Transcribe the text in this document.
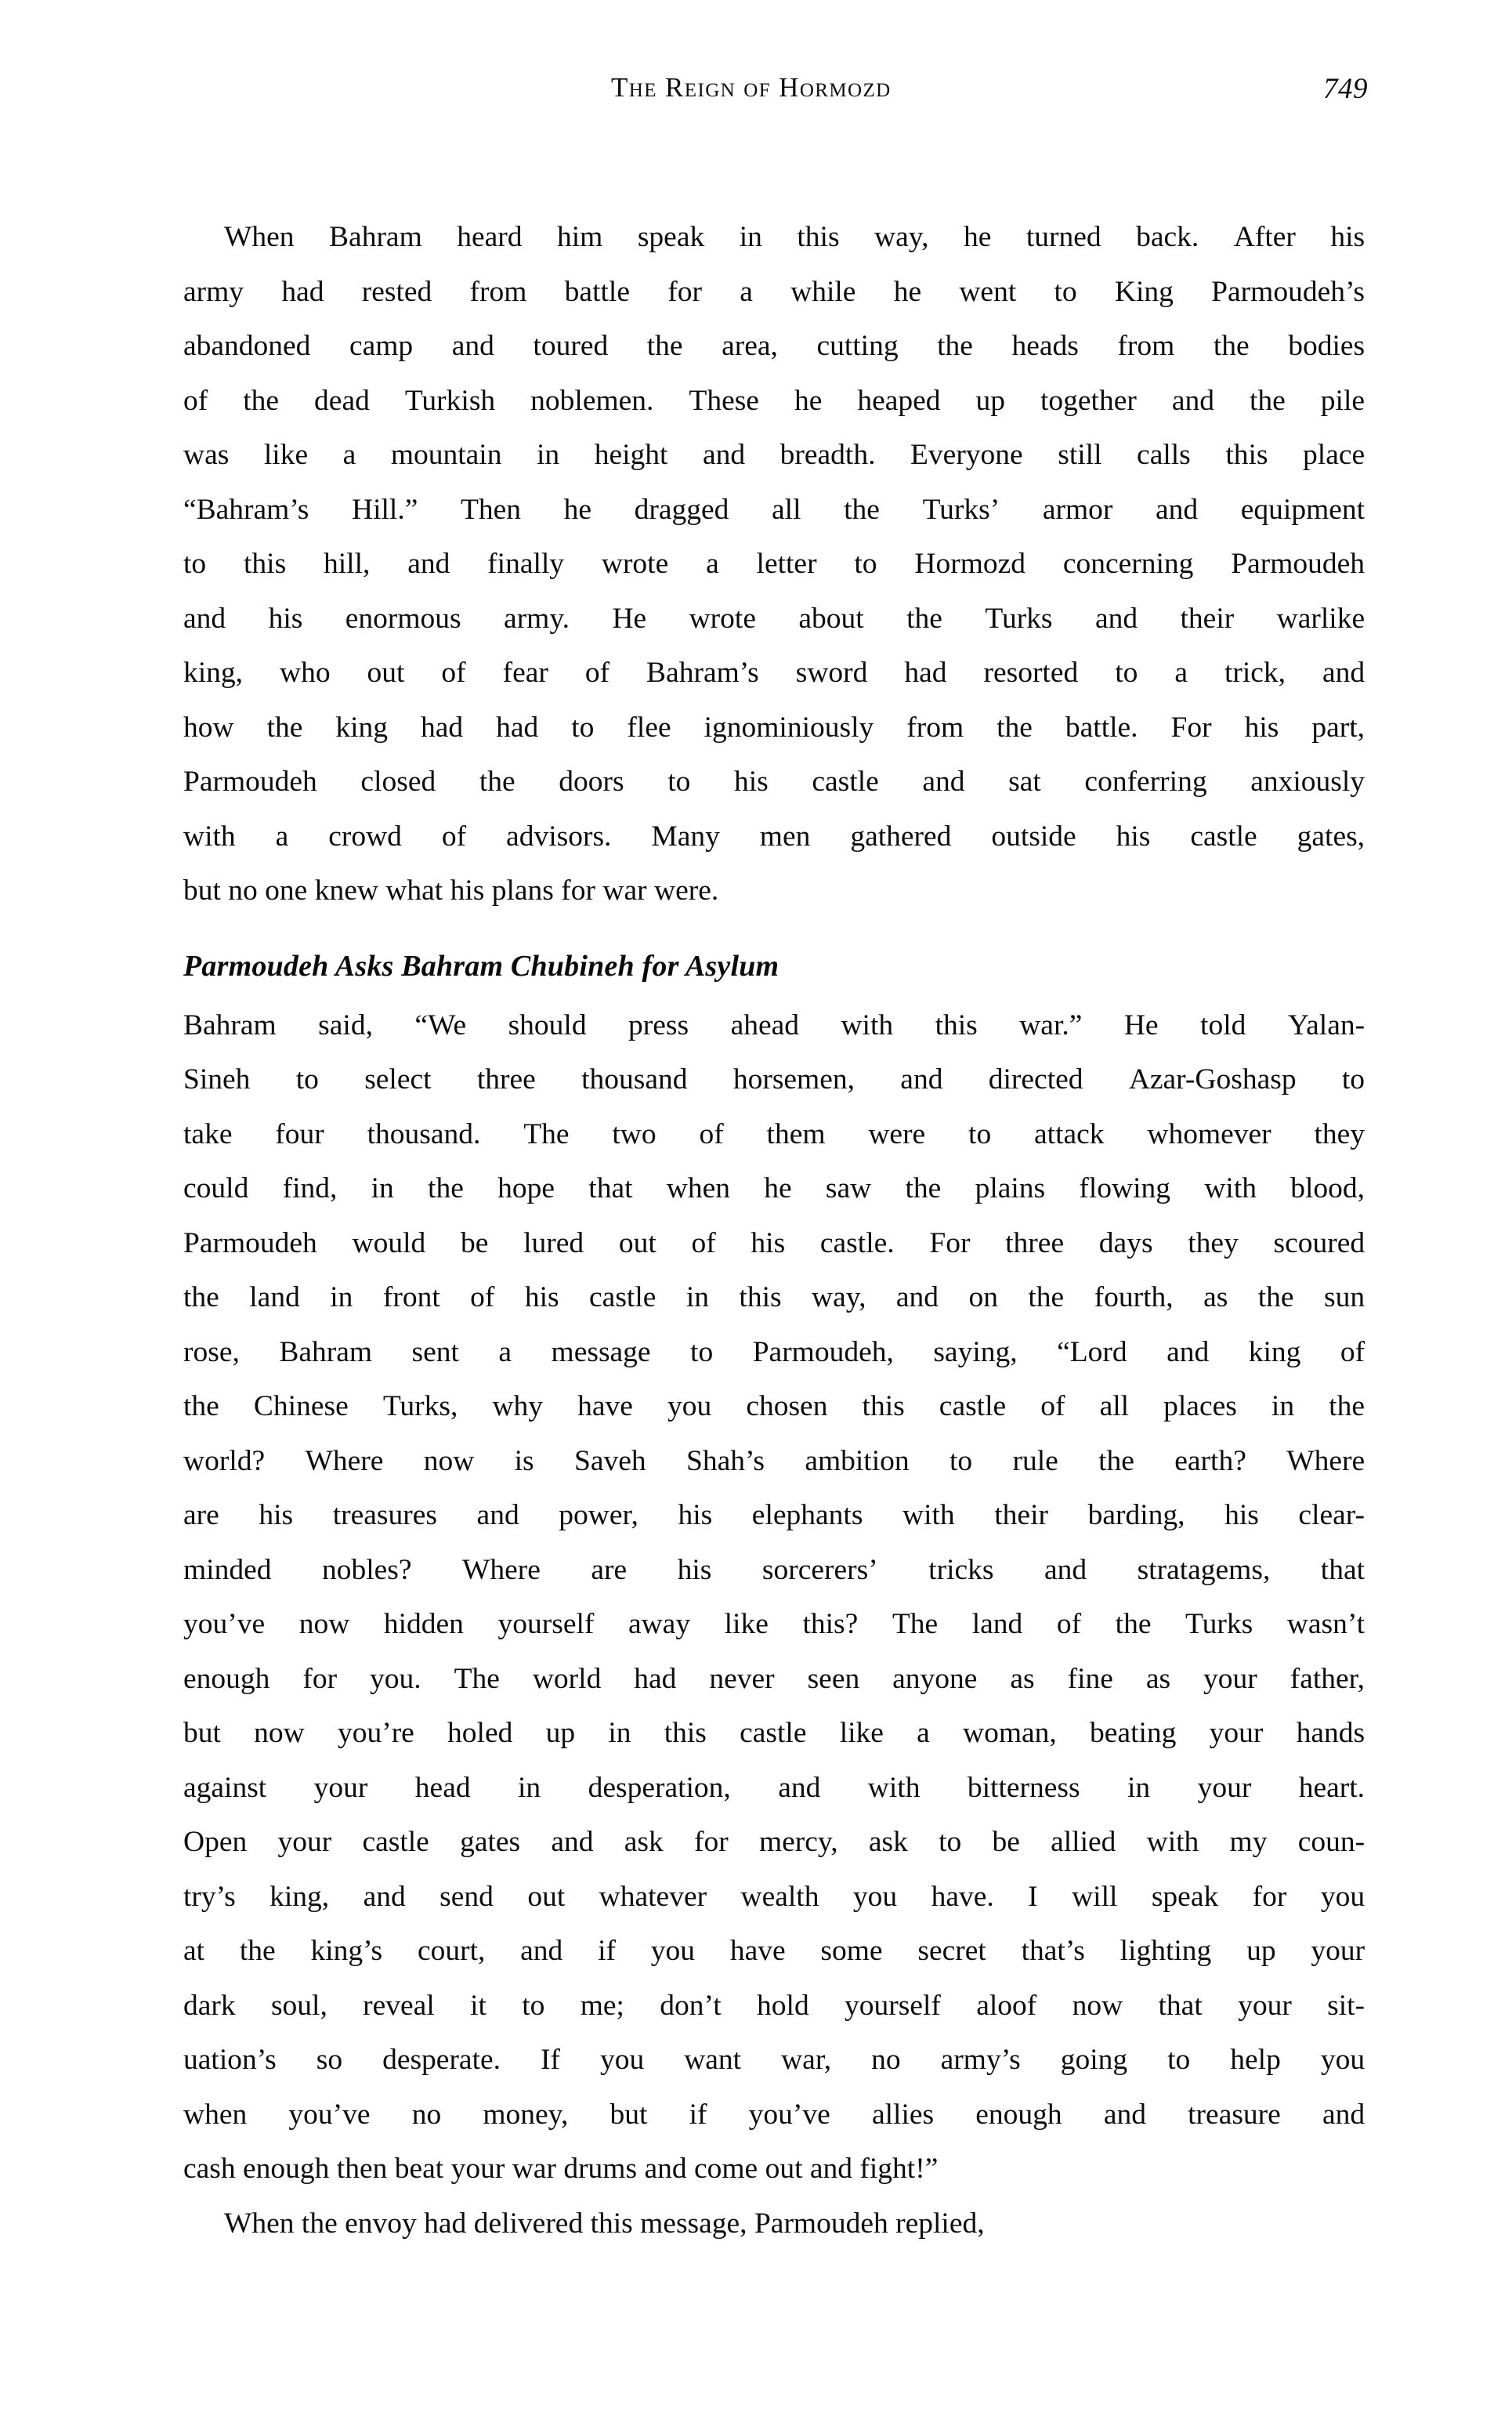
The Reign of Hormozd	749
When Bahram heard him speak in this way, he turned back. After his
army had rested from battle for a while he went to King Parmoudeh’s
abandoned camp and toured the area, cutting the heads from the bodies
of the dead Turkish noblemen. These he heaped up together and the pile
was like a mountain in height and breadth. Everyone still calls this place
“Bahram’s Hill.” Then he dragged all the Turks’ armor and equipment
to this hill, and finally wrote a letter to Hormozd concerning Parmoudeh
and his enormous army. He wrote about the Turks and their warlike
king, who out of fear of Bahram’s sword had resorted to a trick, and
how the king had had to flee ignominiously from the battle. For his part,
Parmoudeh closed the doors to his castle and sat conferring anxiously
with a crowd of advisors. Many men gathered outside his castle gates,
but no one knew what his plans for war were.
Parmoudeh Asks Bahram Chubineh for Asylum
Bahram said, “We should press ahead with this war.” He told Yalan-
Sineh to select three thousand horsemen, and directed Azar-Goshasp to
take four thousand. The two of them were to attack whomever they
could find, in the hope that when he saw the plains flowing with blood,
Parmoudeh would be lured out of his castle. For three days they scoured
the land in front of his castle in this way, and on the fourth, as the sun
rose, Bahram sent a message to Parmoudeh, saying, “Lord and king of
the Chinese Turks, why have you chosen this castle of all places in the
world? Where now is Saveh Shah’s ambition to rule the earth? Where
are his treasures and power, his elephants with their barding, his clear-
minded nobles? Where are his sorcerers’ tricks and stratagems, that
you’ve now hidden yourself away like this? The land of the Turks wasn’t
enough for you. The world had never seen anyone as fine as your father,
but now you’re holed up in this castle like a woman, beating your hands
against your head in desperation, and with bitterness in your heart.
Open your castle gates and ask for mercy, ask to be allied with my coun-
try’s king, and send out whatever wealth you have. I will speak for you
at the king’s court, and if you have some secret that’s lighting up your
dark soul, reveal it to me; don’t hold yourself aloof now that your sit-
uation’s so desperate. If you want war, no army’s going to help you
when you’ve no money, but if you’ve allies enough and treasure and
cash enough then beat your war drums and come out and fight!”
When the envoy had delivered this message, Parmoudeh replied,
